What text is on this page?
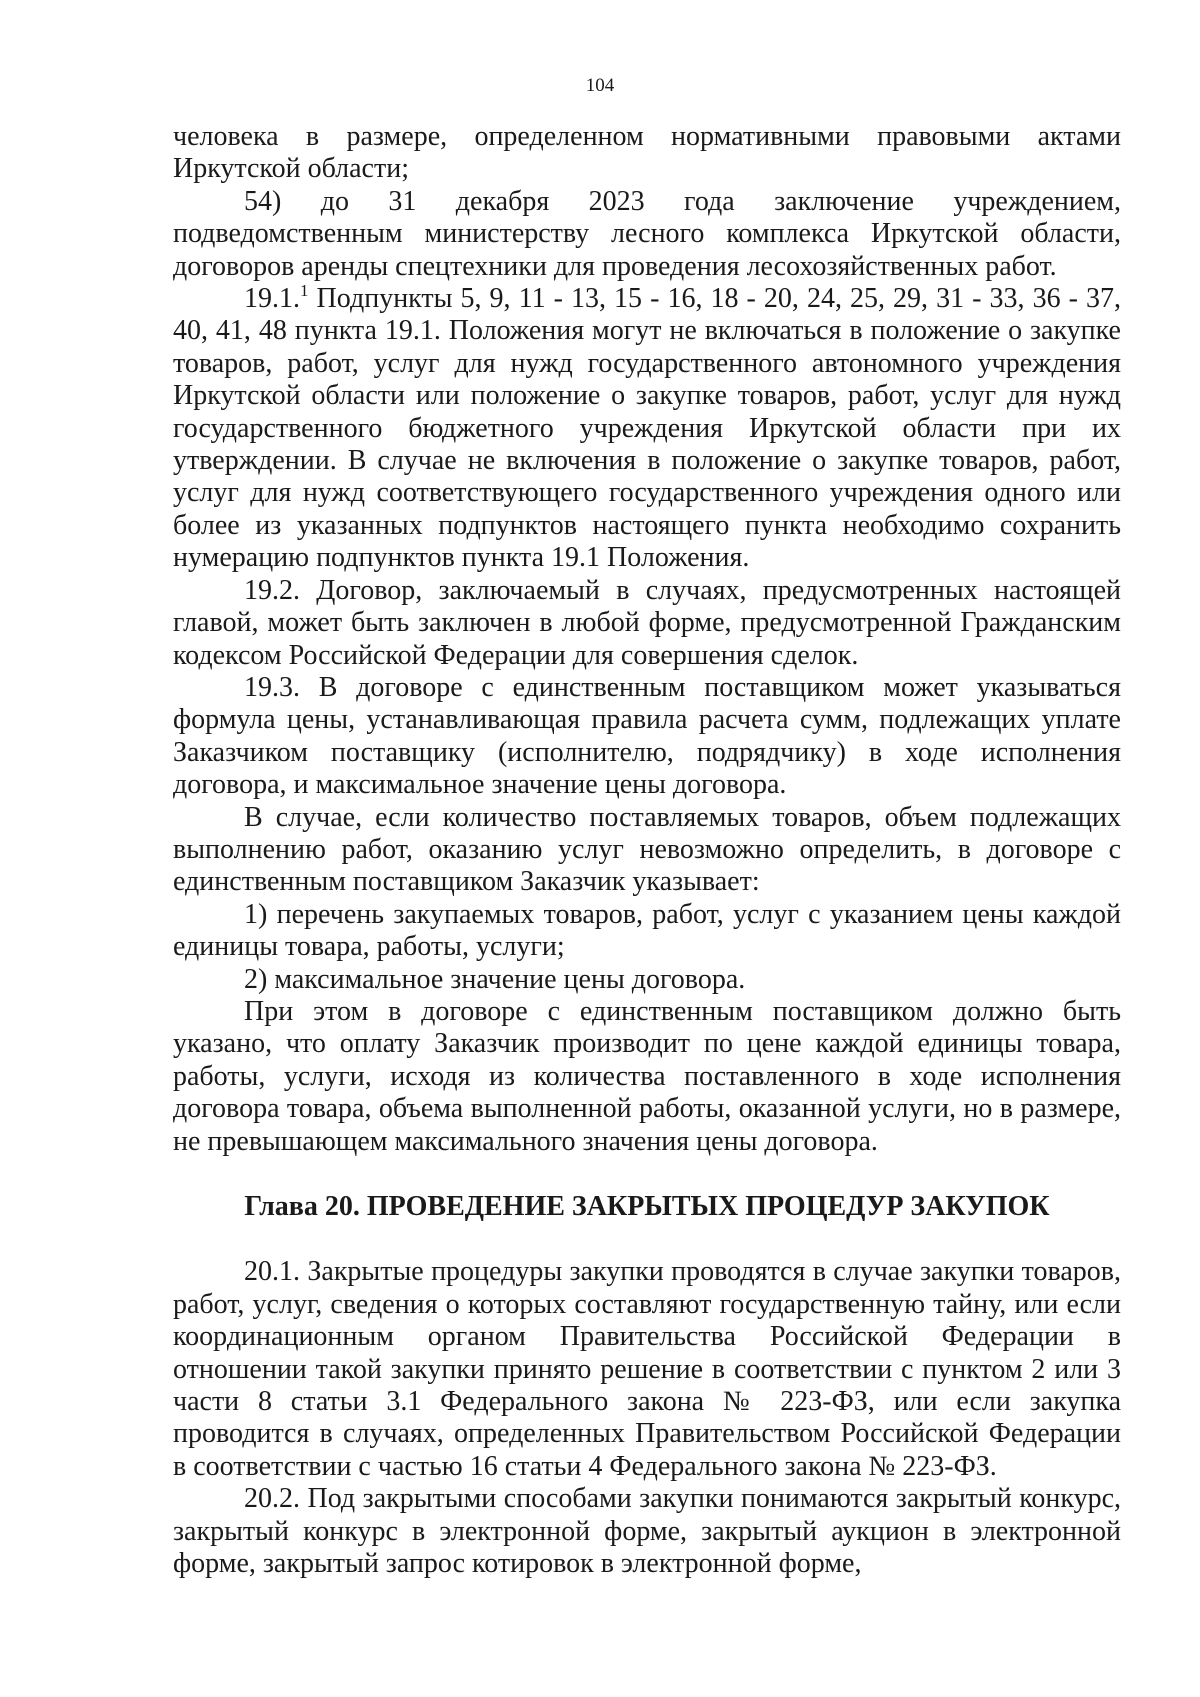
104

человека в размере, определенном нормативными правовыми актами Иркутской области;

54) до 31 декабря 2023 года заключение учреждением, подведомственным министерству лесного комплекса Иркутской области, договоров аренды спецтехники для проведения лесохозяйственных работ.

19.1.$^1$ Подпункты 5, 9, 11 - 13, 15 - 16, 18 - 20, 24, 25, 29, 31 - 33, 36 - 37, 40, 41, 48 пункта 19.1. Положения могут не включаться в положение о закупке товаров, работ, услуг для нужд государственного автономного учреждения Иркутской области или положение о закупке товаров, работ, услуг для нужд государственного бюджетного учреждения Иркутской области при их утверждении. В случае не включения в положение о закупке товаров, работ, услуг для нужд соответствующего государственного учреждения одного или более из указанных подпунктов настоящего пункта необходимо сохранить нумерацию подпунктов пункта 19.1 Положения.

19.2. Договор, заключаемый в случаях, предусмотренных настоящей главой, может быть заключен в любой форме, предусмотренной Гражданским кодексом Российской Федерации для совершения сделок.

19.3. В договоре с единственным поставщиком может указываться формула цены, устанавливающая правила расчета сумм, подлежащих уплате Заказчиком поставщику (исполнителю, подрядчику) в ходе исполнения договора, и максимальное значение цены договора.

В случае, если количество поставляемых товаров, объем подлежащих выполнению работ, оказанию услуг невозможно определить, в договоре с единственным поставщиком Заказчик указывает:

1) перечень закупаемых товаров, работ, услуг с указанием цены каждой единицы товара, работы, услуги;

2) максимальное значение цены договора.

При этом в договоре с единственным поставщиком должно быть указано, что оплату Заказчик производит по цене каждой единицы товара, работы, услуги, исходя из количества поставленного в ходе исполнения договора товара, объема выполненной работы, оказанной услуги, но в размере, не превышающем максимального значения цены договора.

Глава 20. ПРОВЕДЕНИЕ ЗАКРЫТЫХ ПРОЦЕДУР ЗАКУПОК

20.1. Закрытые процедуры закупки проводятся в случае закупки товаров, работ, услуг, сведения о которых составляют государственную тайну, или если координационным органом Правительства Российской Федерации в отношении такой закупки принято решение в соответствии с пунктом 2 или 3 части 8 статьи 3.1 Федерального закона № 223-ФЗ, или если закупка проводится в случаях, определенных Правительством Российской Федерации в соответствии с частью 16 статьи 4 Федерального закона № 223-ФЗ.

20.2. Под закрытыми способами закупки понимаются закрытый конкурс, закрытый конкурс в электронной форме, закрытый аукцион в электронной форме, закрытый запрос котировок в электронной форме,
